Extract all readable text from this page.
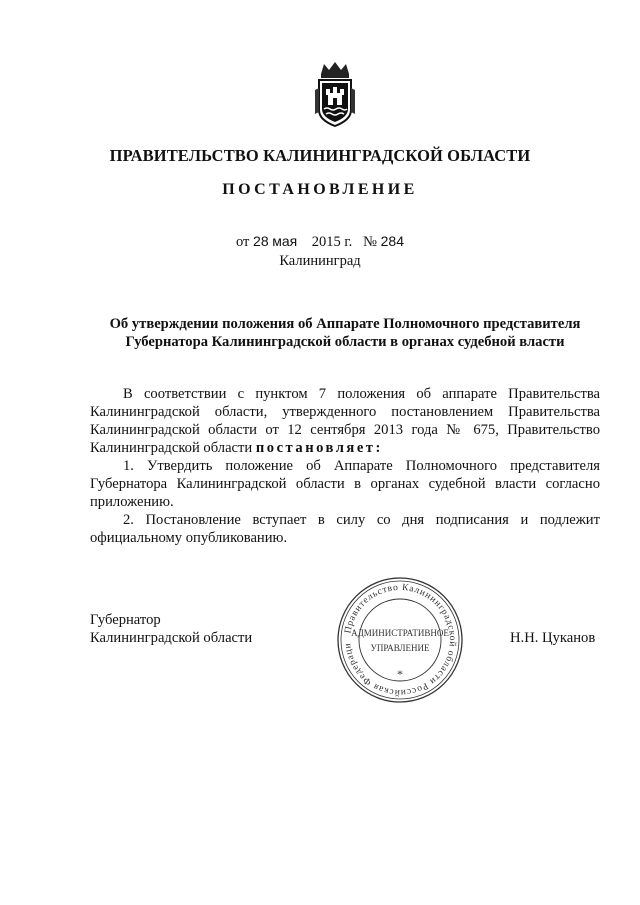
ПРАВИТЕЛЬСТВО КАЛИНИНГРАДСКОЙ ОБЛАСТИ
ПОСТАНОВЛЕНИЕ
от 28 мая 2015 г. № 284
Калининград
Об утверждении положения об Аппарате Полномочного представителя
Губернатора Калининградской области в органах судебной власти
В соответствии с пунктом 7 положения об аппарате Правительства Калининградской области, утвержденного постановлением Правительства Калининградской области от 12 сентября 2013 года № 675, Правительство Калининградской области постановляет:
1. Утвердить положение об Аппарате Полномочного представителя Губернатора Калининградской области в органах судебной власти согласно приложению.
2. Постановление вступает в силу со дня подписания и подлежит официальному опубликованию.
Губернатор
Калининградской области	Н.Н. Цуканов
Правительство Калининградской области Российская Федераци
АДМИНИСТРАТИВНОЕ
УПРАВЛЕНИЕ
*
